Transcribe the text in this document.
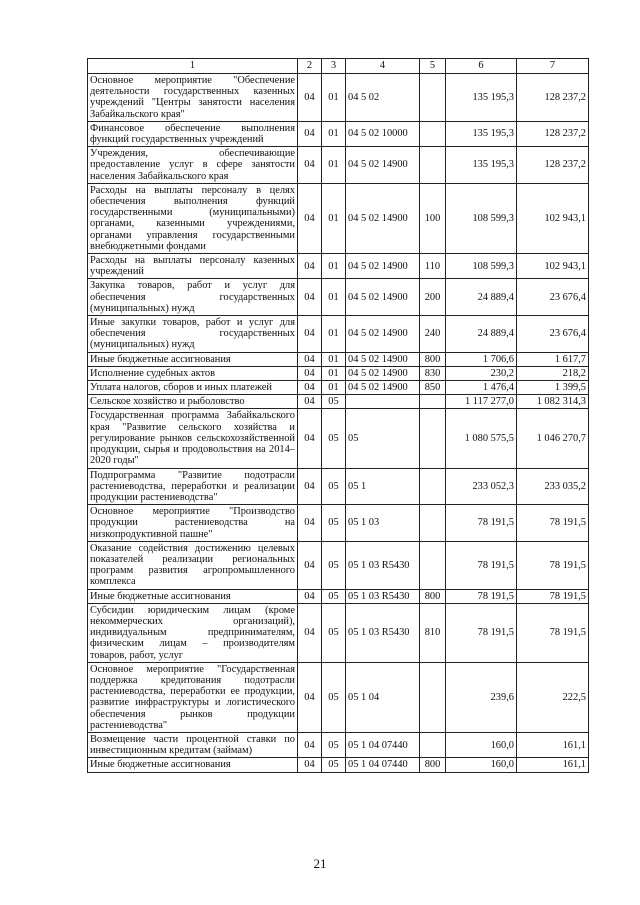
1	2	3	4	5	6	7
Основное мероприятие "Обеспечение деятельности государственных казенных учреждений "Центры занятости населения Забайкальского края"	04	01	04 5 02		135 195,3	128 237,2
Финансовое обеспечение выполнения функций государственных учреждений	04	01	04 5 02 10000		135 195,3	128 237,2
Учреждения, обеспечивающие предоставление услуг в сфере занятости населения Забайкальского края	04	01	04 5 02 14900		135 195,3	128 237,2
Расходы на выплаты персоналу в целях обеспечения выполнения функций государственными (муниципальными) органами, казенными учреждениями, органами управления государственными внебюджетными фондами	04	01	04 5 02 14900	100	108 599,3	102 943,1
Расходы на выплаты персоналу казенных учреждений	04	01	04 5 02 14900	110	108 599,3	102 943,1
Закупка товаров, работ и услуг для обеспечения государственных (муниципальных) нужд	04	01	04 5 02 14900	200	24 889,4	23 676,4
Иные закупки товаров, работ и услуг для обеспечения государственных (муниципальных) нужд	04	01	04 5 02 14900	240	24 889,4	23 676,4
Иные бюджетные ассигнования	04	01	04 5 02 14900	800	1 706,6	1 617,7
Исполнение судебных актов	04	01	04 5 02 14900	830	230,2	218,2
Уплата налогов, сборов и иных платежей	04	01	04 5 02 14900	850	1 476,4	1 399,5
Сельское хозяйство и рыболовство	04	05			1 117 277,0	1 082 314,3
Государственная программа Забайкальского края "Развитие сельского хозяйства и регулирование рынков сельскохозяйственной продукции, сырья и продовольствия на 2014–2020 годы"	04	05	05		1 080 575,5	1 046 270,7
Подпрограмма "Развитие подотрасли растениеводства, переработки и реализации продукции растениеводства"	04	05	05 1		233 052,3	233 035,2
Основное мероприятие "Производство продукции растениеводства на низкопродуктивной пашне"	04	05	05 1 03		78 191,5	78 191,5
Оказание содействия достижению целевых показателей реализации региональных программ развития агропромышленного комплекса	04	05	05 1 03 R5430		78 191,5	78 191,5
Иные бюджетные ассигнования	04	05	05 1 03 R5430	800	78 191,5	78 191,5
Субсидии юридическим лицам (кроме некоммерческих организаций), индивидуальным предпринимателям, физическим лицам – производителям товаров, работ, услуг	04	05	05 1 03 R5430	810	78 191,5	78 191,5
Основное мероприятие "Государственная поддержка кредитования подотрасли растениеводства, переработки ее продукции, развитие инфраструктуры и логистического обеспечения рынков продукции растениеводства"	04	05	05 1 04		239,6	222,5
Возмещение части процентной ставки по инвестиционным кредитам (займам)	04	05	05 1 04 07440		160,0	161,1
Иные бюджетные ассигнования	04	05	05 1 04 07440	800	160,0	161,1
21
